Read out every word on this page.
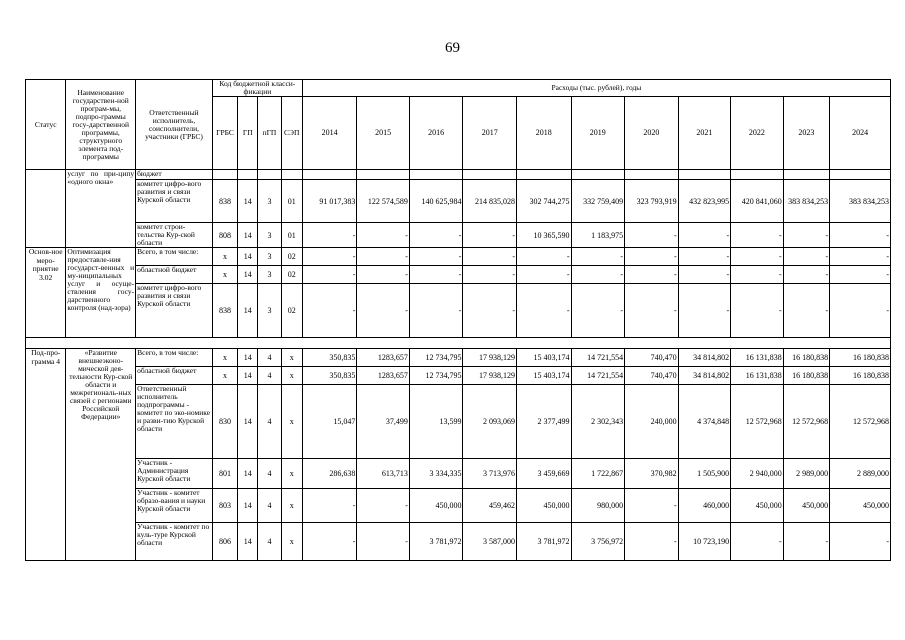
69
Статус	Наименование государствен-ной програм-мы, подпро-граммы госу-дарственной программы, структурного элемента под-программы	Ответственный исполнитель, соисполнители, участники (ГРБС)	Код бюджетной класси-фикации				Расходы (тыс. рублей), годы										
			ГРБС	ГП	пГП	СЭП	2014	2015	2016	2017	2018	2019	2020	2021	2022	2023	2024
	услуг по при-ципу «одного окна»	бюджет															
		комитет цифро-вого развития и связи Курской области	838	14	3	01	91 017,383	122 574,589	140 625,984	214 835,028	302 744,275	332 759,409	323 793,919	432 823,995	420 841,060	383 834,253	383 834,253
		комитет строи-тельства Кур-ской области	808	14	3	01	-	-	-	-	10 365,590	1 183,975	-	-	-	-	-
Основ-ное меро-приятие 3.02	Оптимизация предоставле-ния государст-венных и му-ниципальных услуг и осуще-ствления госу-дарственного контроля (над-зора)	Всего, в том числе:	х	14	3	02	-	-	-	-	-	-	-	-	-	-	-
		областной бюджет	х	14	3	02	-	-	-	-	-	-	-	-	-	-	-
		комитет цифро-вого развития и связи Курской области	838	14	3	02	-	-	-	-	-	-	-	-	-	-	-

Под-про-грамма 4	«Развитие внешнеэконо-мической дея-тельности Кур-ской области и межрегиональ-ных связей с регионами Российской Федерации»	Всего, в том числе:	х	14	4	х	350,835	1283,657	12 734,795	17 938,129	15 403,174	14 721,554	740,470	34 814,802	16 131,838	16 180,838	16 180,838
		областной бюджет	х	14	4	х	350,835	1283,657	12 734,795	17 938,129	15 403,174	14 721,554	740,470	34 814,802	16 131,838	16 180,838	16 180,838
		Ответственный исполнитель подпрограммы - комитет по эко-номике и разви-тию Курской области	830	14	4	х	15,047	37,499	13,599	2 093,069	2 377,499	2 302,343	240,000	4 374,848	12 572,968	12 572,968	12 572,968
		Участник - Администрация Курской области	801	14	4	х	286,638	613,713	3 334,335	3 713,976	3 459,669	1 722,867	370,982	1 505,900	2 940,000	2 989,000	2 889,000
		Участник - комитет образо-вания и науки Курской области	803	14	4	х	-	-	450,000	459,462	450,000	980,000	-	460,000	450,000	450,000	450,000
		Участник - комитет по куль-туре Курской области	806	14	4	х	-	-	3 781,972	3 587,000	3 781,972	3 756,972	-	10 723,190	-	-	-
